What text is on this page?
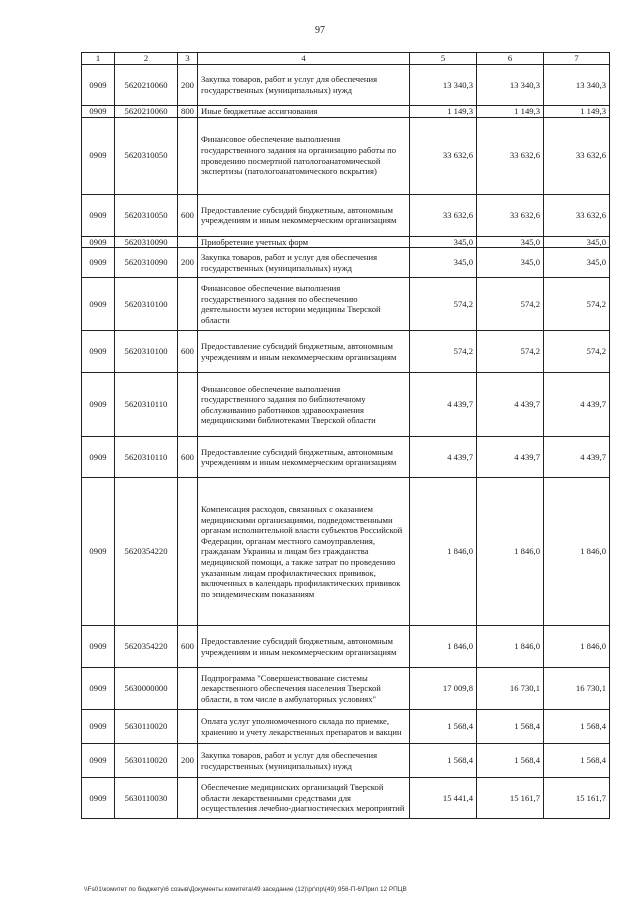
97
1	2	3	4	5	6	7
0909	5620210060	200	Закупка товаров, работ и услуг для обеспечения государственных (муниципальных) нужд	13 340,3	13 340,3	13 340,3
0909	5620210060	800	Иные бюджетные ассигнования	1 149,3	1 149,3	1 149,3
0909	5620310050		Финансовое обеспечение выполнения государственного задания на организацию работы по проведению посмертной патологоанатомической экспертизы (патологоанатомического вскрытия)	33 632,6	33 632,6	33 632,6
0909	5620310050	600	Предоставление субсидий бюджетным, автономным учреждениям и иным некоммерческим организациям	33 632,6	33 632,6	33 632,6
0909	5620310090		Приобретение учетных форм	345,0	345,0	345,0
0909	5620310090	200	Закупка товаров, работ и услуг для обеспечения государственных (муниципальных) нужд	345,0	345,0	345,0
0909	5620310100		Финансовое обеспечение выполнения государственного задания по обеспечению деятельности музея истории медицины Тверской области	574,2	574,2	574,2
0909	5620310100	600	Предоставление субсидий бюджетным, автономным учреждениям и иным некоммерческим организациям	574,2	574,2	574,2
0909	5620310110		Финансовое обеспечение выполнения государственного задания по библиотечному обслуживанию работников здравоохранения медицинскими библиотеками Тверской области	4 439,7	4 439,7	4 439,7
0909	5620310110	600	Предоставление субсидий бюджетным, автономным учреждениям и иным некоммерческим организациям	4 439,7	4 439,7	4 439,7
0909	5620354220		Компенсация расходов, связанных с оказанием медицинскими организациями, подведомственными органам исполнительной власти субъектов Российской Федерации, органам местного самоуправления, гражданам Украины и лицам без гражданства медицинской помощи, а также затрат по проведению указанным лицам профилактических прививок, включенных в календарь профилактических прививок по эпидемическим показаниям	1 846,0	1 846,0	1 846,0
0909	5620354220	600	Предоставление субсидий бюджетным, автономным учреждениям и иным некоммерческим организациям	1 846,0	1 846,0	1 846,0
0909	5630000000		Подпрограмма "Совершенствование системы лекарственного обеспечения населения Тверской области, в том числе в амбулаторных условиях"	17 009,8	16 730,1	16 730,1
0909	5630110020		Оплата услуг уполномоченного склада по приемке, хранению и учету лекарственных препаратов и вакцин	1 568,4	1 568,4	1 568,4
0909	5630110020	200	Закупка товаров, работ и услуг для обеспечения государственных (муниципальных) нужд	1 568,4	1 568,4	1 568,4
0909	5630110030		Обеспечение медицинских организаций Тверской области лекарственными средствами для осуществления лечебно-диагностических мероприятий	15 441,4	15 161,7	15 161,7
\\Fs01\комитет по бюджету\6 созыв\Документы комитета\49 заседание (12)\рг\пр\(49) 956-П-6\Прил 12 РПЦВ
